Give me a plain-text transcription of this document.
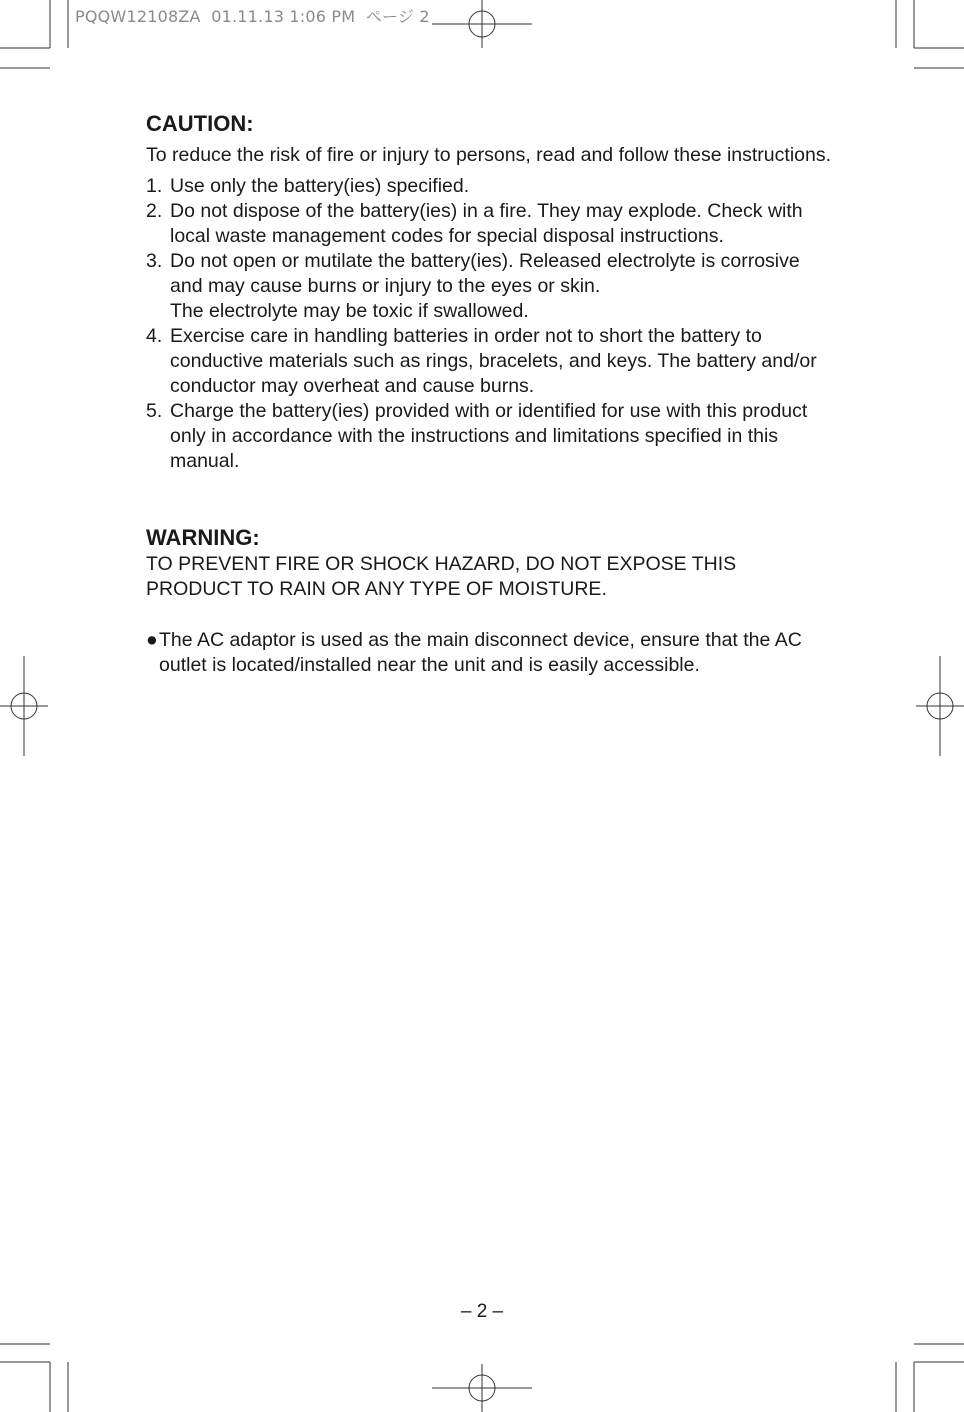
PQQW12108ZA  01.11.13 1:06 PM  ページ 2
CAUTION:

To reduce the risk of fire or injury to persons, read and follow these instructions.

1. Use only the battery(ies) specified.
2. Do not dispose of the battery(ies) in a fire. They may explode. Check with local waste management codes for special disposal instructions.
3. Do not open or mutilate the battery(ies). Released electrolyte is corrosive and may cause burns or injury to the eyes or skin.
The electrolyte may be toxic if swallowed.
4. Exercise care in handling batteries in order not to short the battery to conductive materials such as rings, bracelets, and keys. The battery and/or conductor may overheat and cause burns.
5. Charge the battery(ies) provided with or identified for use with this product only in accordance with the instructions and limitations specified in this manual.
WARNING:

TO PREVENT FIRE OR SHOCK HAZARD, DO NOT EXPOSE THIS PRODUCT TO RAIN OR ANY TYPE OF MOISTURE.

● The AC adaptor is used as the main disconnect device, ensure that the AC outlet is located/installed near the unit and is easily accessible.

– 2 –
